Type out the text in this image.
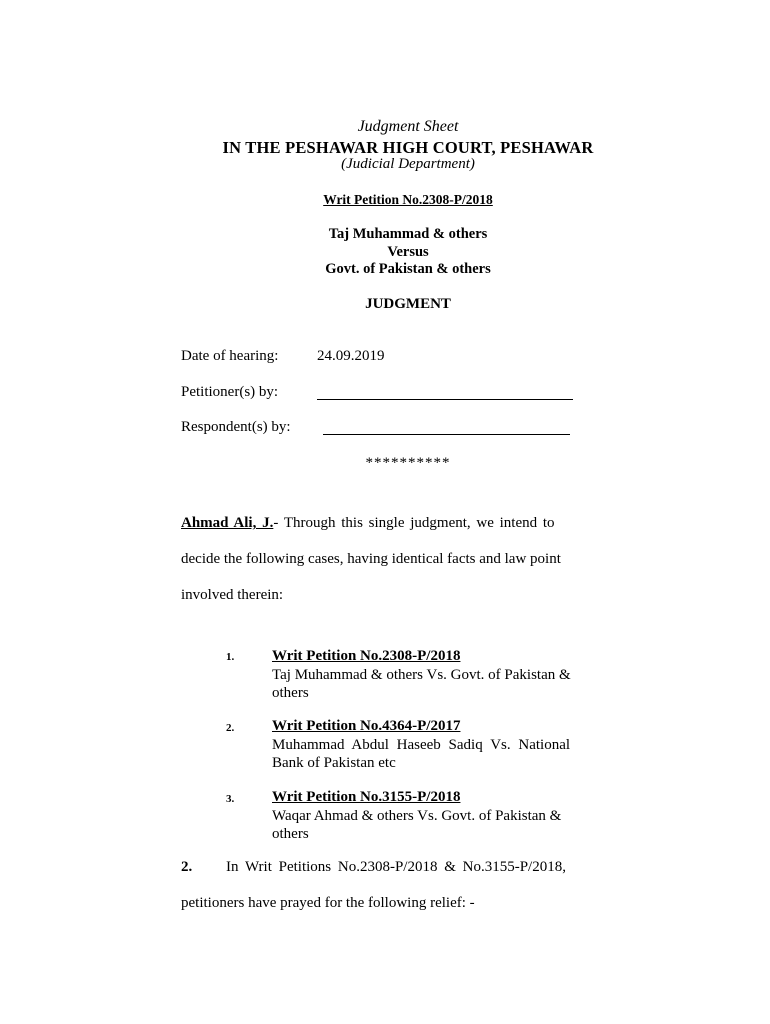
Judgment Sheet
IN THE PESHAWAR HIGH COURT, PESHAWAR
(Judicial Department)
Writ Petition No.2308-P/2018
Taj Muhammad & others
Versus
Govt. of Pakistan & others
JUDGMENT
Date of hearing:	24.09.2019
Petitioner(s) by:
Respondent(s) by:
**********
Ahmad Ali, J.- Through this single judgment, we intend to
decide the following cases, having identical facts and law point
involved therein:
1.	Writ Petition No.2308-P/2018
Taj Muhammad & others Vs. Govt. of Pakistan &
others
2.	Writ Petition No.4364-P/2017
Muhammad Abdul Haseeb Sadiq Vs. National
Bank of Pakistan etc
3.	Writ Petition No.3155-P/2018
Waqar Ahmad & others Vs. Govt. of Pakistan &
others
2. In Writ Petitions No.2308-P/2018 & No.3155-P/2018,
petitioners have prayed for the following relief: -
